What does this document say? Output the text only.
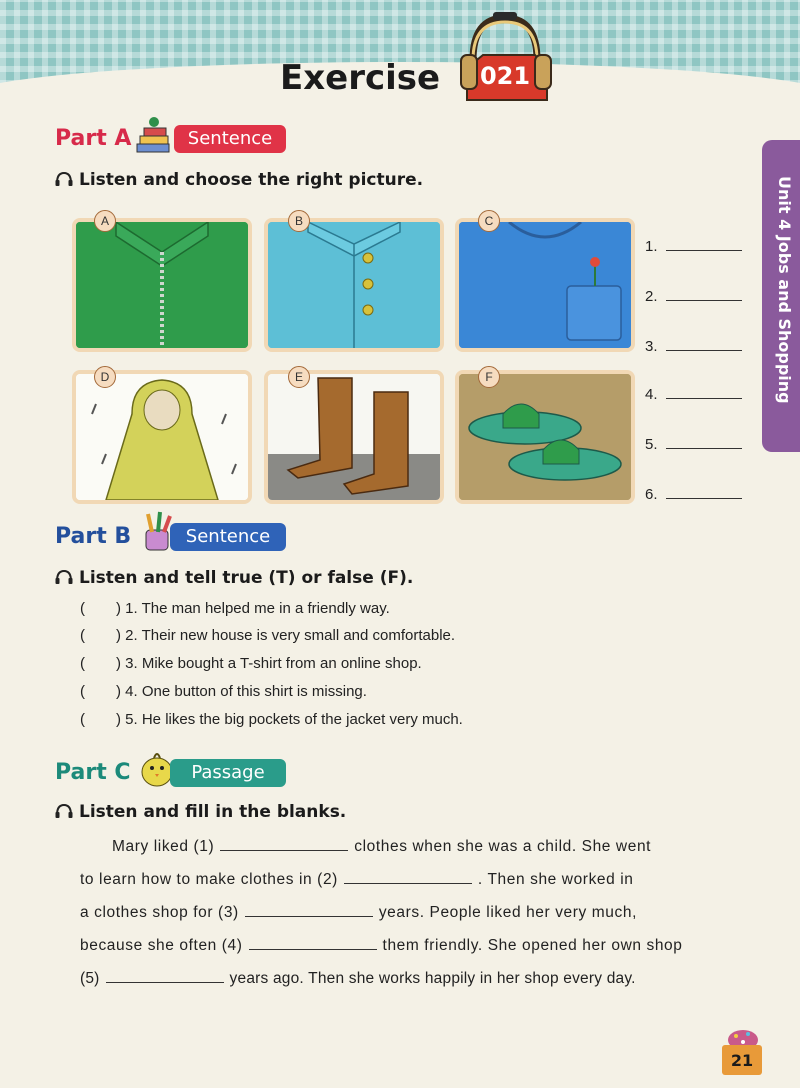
Exercise	021
Unit 4 Jobs and Shopping
Part A	Sentence
Listen and choose the right picture.
A	B	C
D	E	F
1.
2.
3.
4.
5.
6.
Part B	Sentence
Listen and tell true (T) or false (F).
( ) 1. The man helped me in a friendly way.
( ) 2. Their new house is very small and comfortable.
( ) 3. Mike bought a T-shirt from an online shop.
( ) 4. One button of this shirt is missing.
( ) 5. He likes the big pockets of the jacket very much.
Part C	Passage
Listen and fill in the blanks.
Mary liked (1)	clothes when she was a child. She went
to learn how to make clothes in (2)	. Then she worked in
a clothes shop for (3)	years. People liked her very much,
because she often (4)	them friendly. She opened her own shop
(5)	years ago. Then she works happily in her shop every day.
21
